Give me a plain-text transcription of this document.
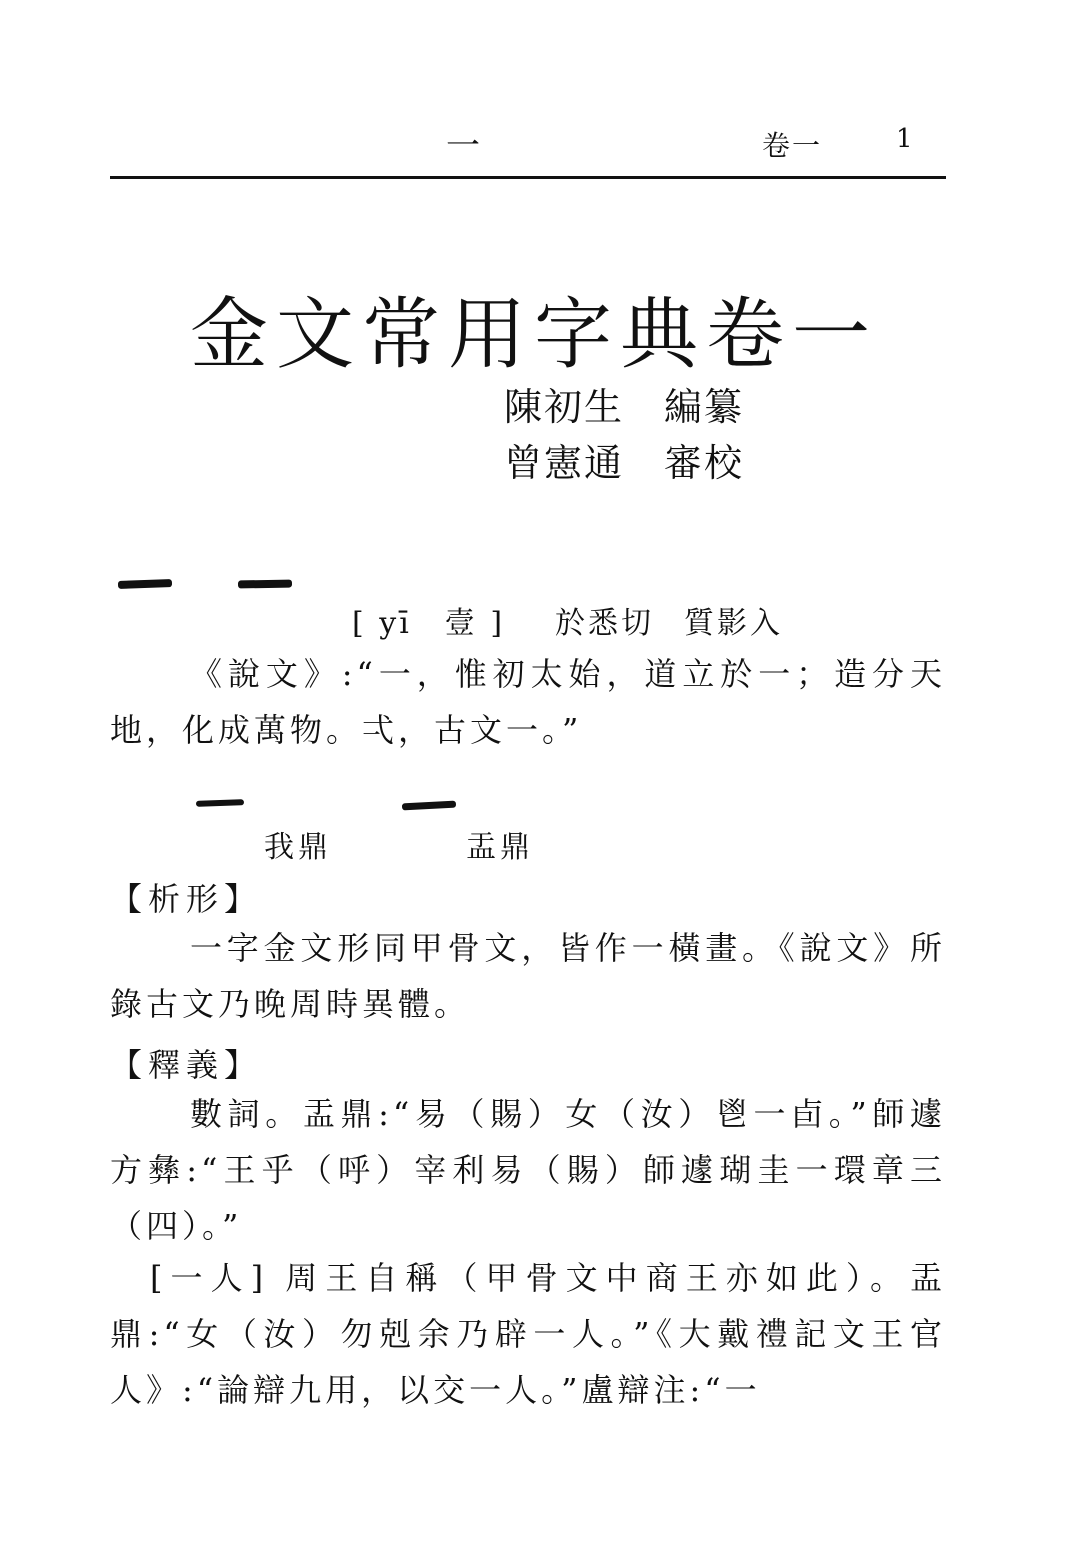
一	卷一	1
金文常用字典卷一
陳初生 編纂
曾憲通 審校
[ yī　壹 ] 於悉切 質影入
《說文》:“一，惟初太始，道立於一；造分天地，化成萬物。弌，古文一。”
我鼎	盂鼎
【析形】
一字金文形同甲骨文，皆作一橫畫。《說文》所錄古文乃晚周時異體。
【釋義】
數詞。盂鼎:“易（賜）女（汝）鬯一卣。”師遽方彝:“王乎（呼）宰利易（賜）師遽瑚圭一環章三（四）。”
[一人] 周王自稱（甲骨文中商王亦如此）。盂鼎:“女（汝）勿剋余乃辟一人。”《大戴禮記文王官人》:“論辯九用，以交一人。”盧辯注:“一
